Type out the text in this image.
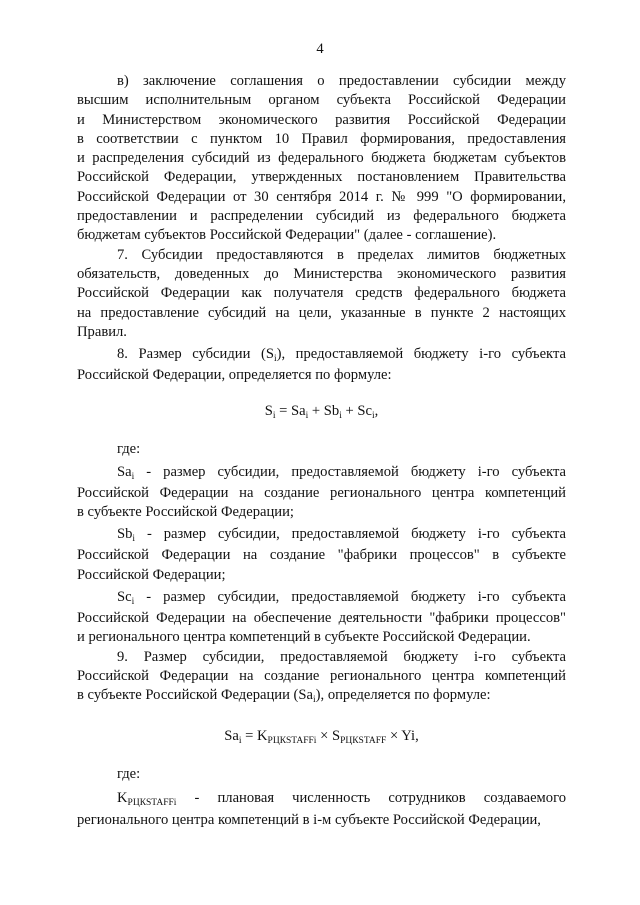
4
в) заключение соглашения о предоставлении субсидии между
высшим исполнительным органом субъекта Российской Федерации
и Министерством экономического развития Российской Федерации
в соответствии с пунктом 10 Правил формирования, предоставления
и распределения субсидий из федерального бюджета бюджетам субъектов
Российской Федерации, утвержденных постановлением Правительства
Российской Федерации от 30 сентября 2014 г. № 999 "О формировании,
предоставлении и распределении субсидий из федерального бюджета
бюджетам субъектов Российской Федерации" (далее - соглашение).
7. Субсидии предоставляются в пределах лимитов бюджетных
обязательств, доведенных до Министерства экономического развития
Российской Федерации как получателя средств федерального бюджета
на предоставление субсидий на цели, указанные в пункте 2 настоящих
Правил.
8. Размер субсидии $(S_i)$, предоставляемой бюджету i-го субъекта
Российской Федерации, определяется по формуле:
$S_i = Sa_i + Sb_i + Sc_i$,

где:

$Sa_i$ - размер субсидии, предоставляемой бюджету i-го субъекта
Российской Федерации на создание регионального центра компетенций
в субъекте Российской Федерации;
$Sb_i$ - размер субсидии, предоставляемой бюджету i-го субъекта
Российской Федерации на создание "фабрики процессов" в субъекте
Российской Федерации;
$Sc_i$ - размер субсидии, предоставляемой бюджету i-го субъекта
Российской Федерации на обеспечение деятельности "фабрики процессов"
и регионального центра компетенций в субъекте Российской Федерации.
9. Размер субсидии, предоставляемой бюджету i-го субъекта
Российской Федерации на создание регионального центра компетенций
в субъекте Российской Федерации $(Sa_i)$, определяется по формуле:
$Sa_i = K_{РЦКSTAFFi} \times S_{РЦКSTAFF} \times Yi$,

где:

$K_{РЦКSTAFFi}$ - плановая численность сотрудников создаваемого
регионального центра компетенций в i-м субъекте Российской Федерации,
